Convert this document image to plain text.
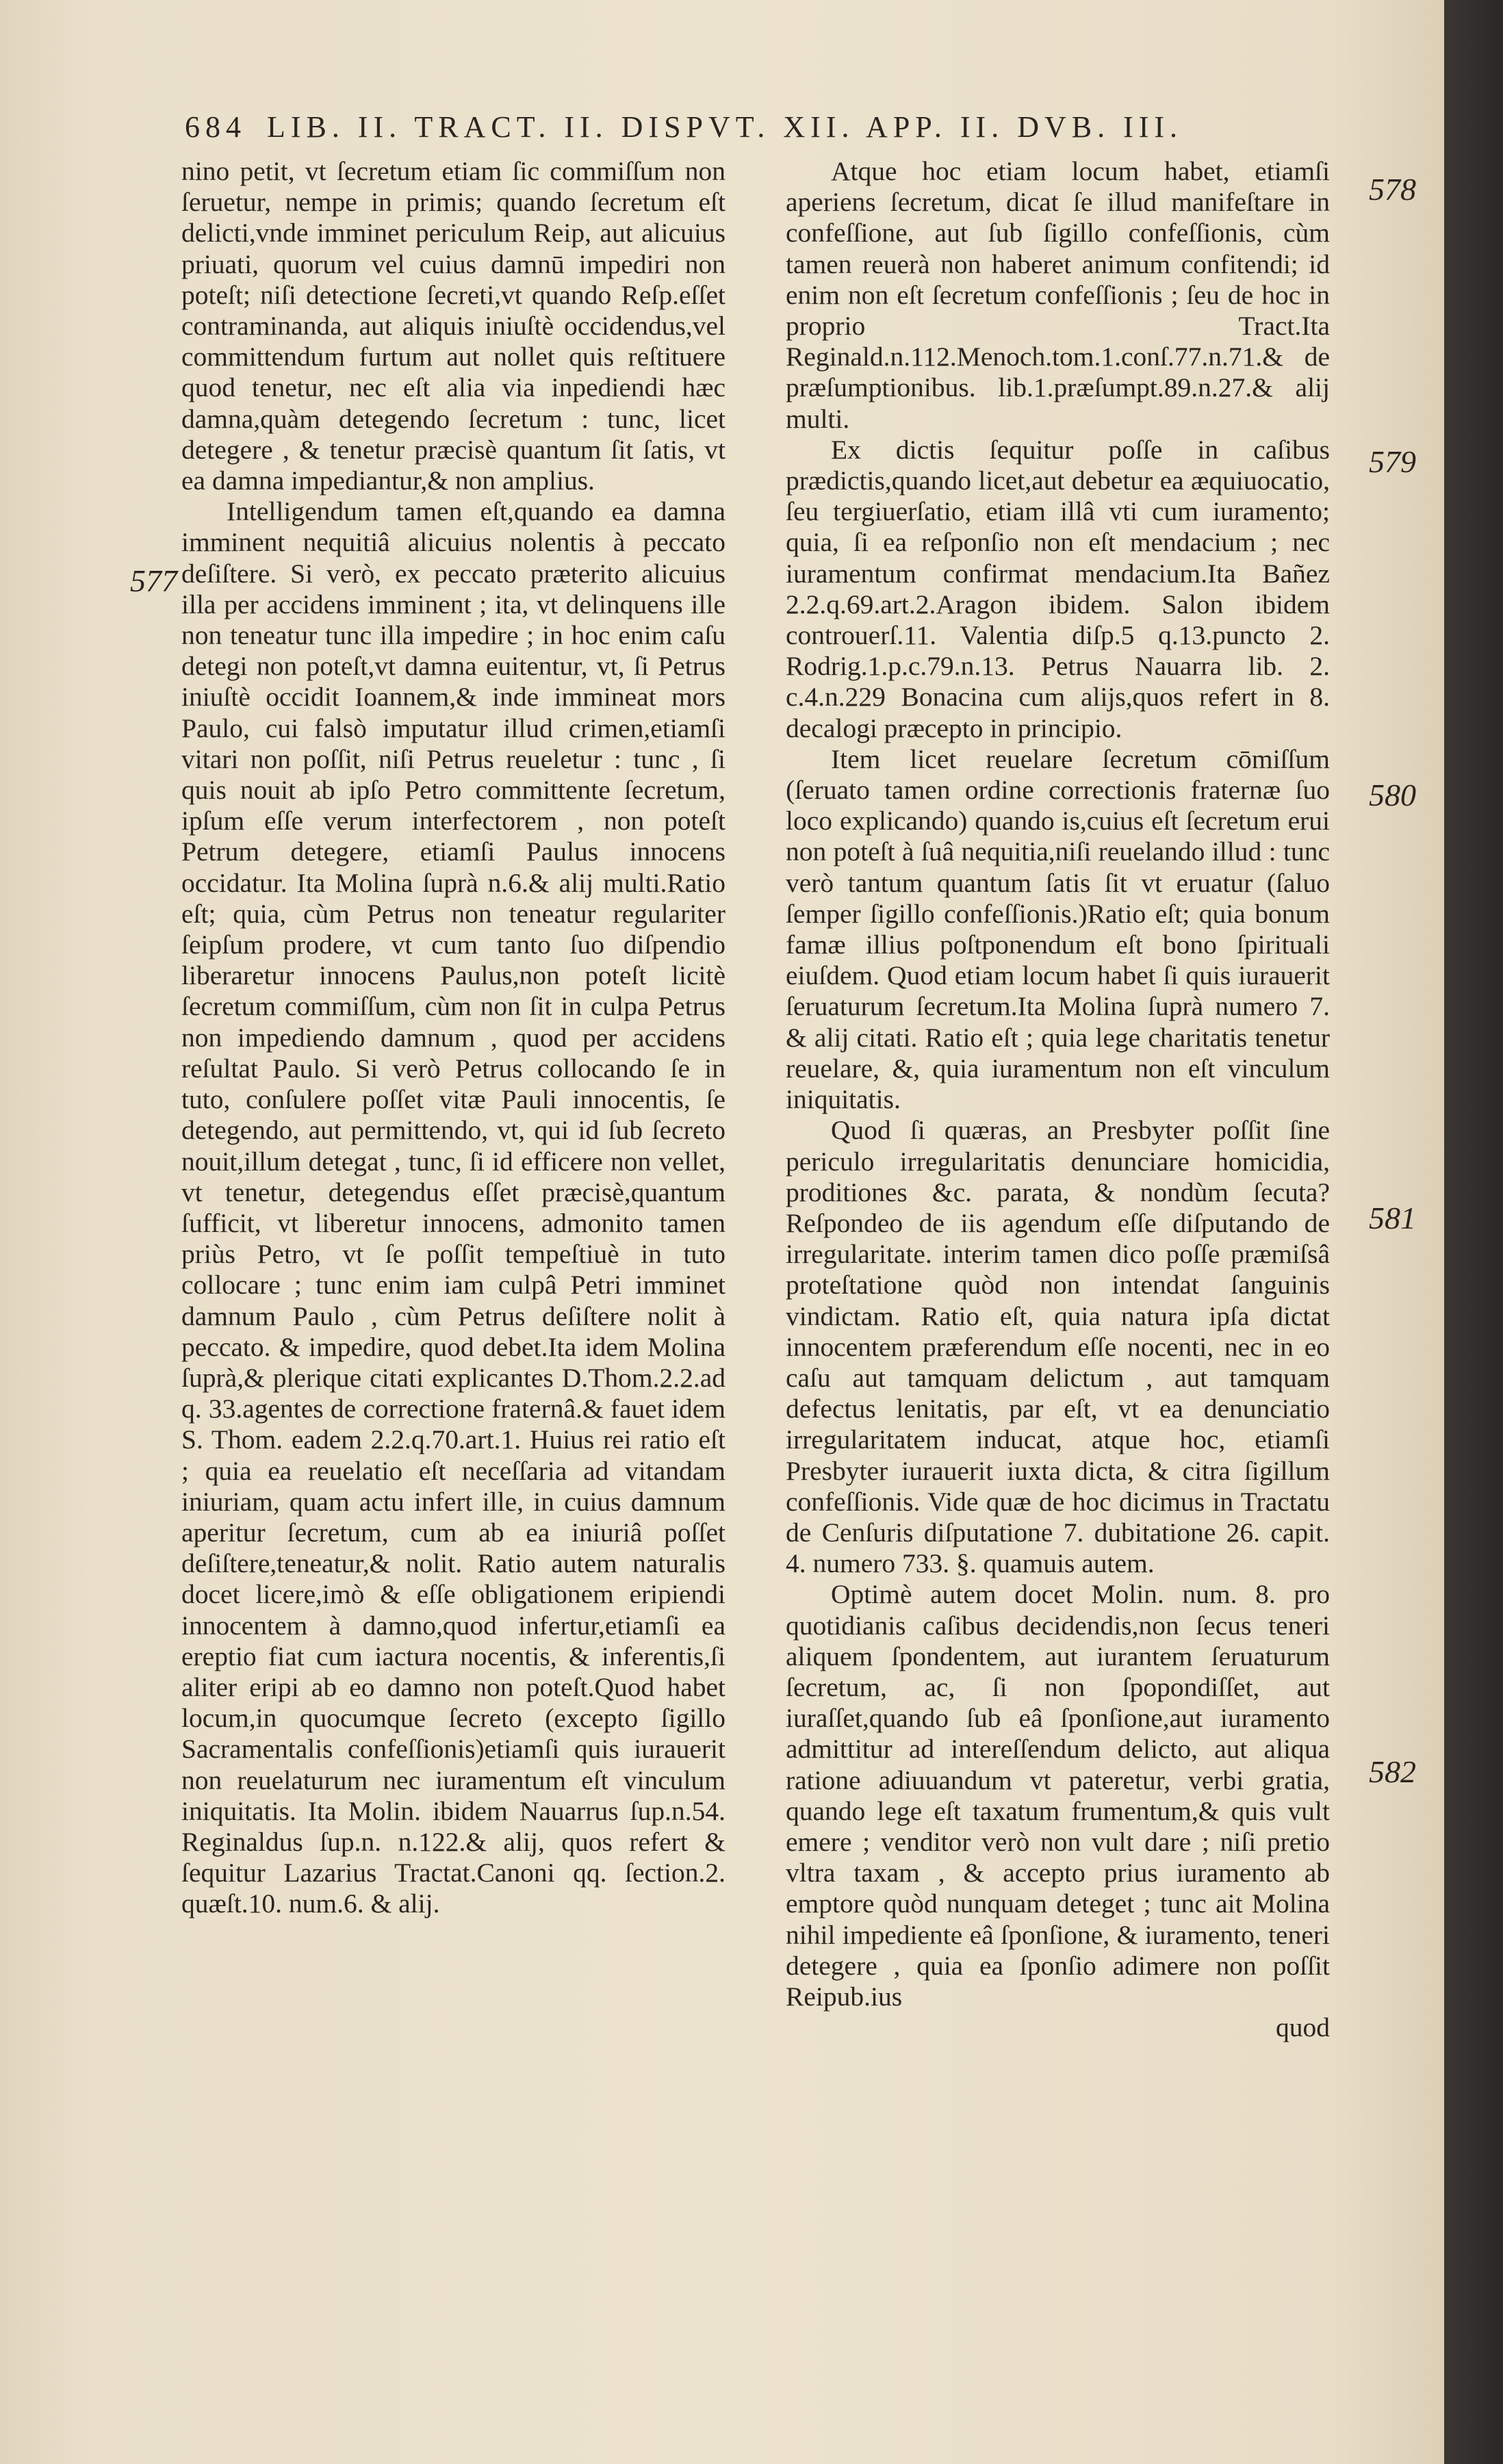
684 LIB. II. TRACT. II. DISPVT. XII. APP. II. DVB. III.

nino petit, vt ſecretum etiam ſic commiſſum non ſeruetur, nempe in primis; quando ſecretum eſt delicti,vnde imminet periculum Reip, aut alicuius priuati, quorum vel cuius damnū impediri non poteſt; niſi detectione ſecreti,vt quando Reſp.eſſet contraminanda, aut aliquis iniuſtè occidendus,vel committendum furtum aut nollet quis reſtituere quod tenetur, nec eſt alia via inpediendi hæc damna,quàm detegendo ſecretum : tunc, licet detegere , & tenetur præcisè quantum ſit ſatis, vt ea damna impediantur,& non amplius.

Intelligendum tamen eſt,quando ea damna imminent nequitiâ alicuius nolentis à peccato deſiſtere. Si verò, ex peccato præterito alicuius illa per accidens imminent ; ita, vt delinquens ille non teneatur tunc illa impedire ; in hoc enim caſu detegi non poteſt,vt damna euitentur, vt, ſi Petrus iniuſtè occidit Ioannem,& inde immineat mors Paulo, cui falsò imputatur illud crimen,etiamſi vitari non poſſit, niſi Petrus reueletur : tunc , ſi quis nouit ab ipſo Petro committente ſecretum, ipſum eſſe verum interfectorem , non poteſt Petrum detegere, etiamſi Paulus innocens occidatur. Ita Molina ſuprà n.6.& alij multi.Ratio eſt; quia, cùm Petrus non teneatur regulariter ſeipſum prodere, vt cum tanto ſuo diſpendio liberaretur innocens Paulus,non poteſt licitè ſecretum commiſſum, cùm non ſit in culpa Petrus non impediendo damnum , quod per accidens reſultat Paulo. Si verò Petrus collocando ſe in tuto, conſulere poſſet vitæ Pauli innocentis, ſe detegendo, aut permittendo, vt, qui id ſub ſecreto nouit,illum detegat , tunc, ſi id efficere non vellet, vt tenetur, detegendus eſſet præcisè,quantum ſufficit, vt liberetur innocens, admonito tamen priùs Petro, vt ſe poſſit tempeſtiuè in tuto collocare ; tunc enim iam culpâ Petri imminet damnum Paulo , cùm Petrus deſiſtere nolit à peccato. & impedire, quod debet.Ita idem Molina ſuprà,& plerique citati explicantes D.Thom.2.2.ad q. 33.agentes de correctione fraternâ.& fauet idem S. Thom. eadem 2.2.q.70.art.1. Huius rei ratio eſt ; quia ea reuelatio eſt neceſſaria ad vitandam iniuriam, quam actu infert ille, in cuius damnum aperitur ſecretum, cum ab ea iniuriâ poſſet deſiſtere,teneatur,& nolit. Ratio autem naturalis docet licere,imò & eſſe obligationem eripiendi innocentem à damno,quod infertur,etiamſi ea ereptio fiat cum iactura nocentis, & inferentis,ſi aliter eripi ab eo damno non poteſt.Quod habet locum,in quocumque ſecreto (excepto ſigillo Sacramentalis confeſſionis)etiamſi quis iurauerit non reuelaturum nec iuramentum eſt vinculum iniquitatis. Ita Molin. ibidem Nauarrus ſup.n.54. Reginaldus ſup.n. n.122.& alij, quos refert & ſequitur Lazarius Tractat.Canoni qq. ſection.2. quæſt.10. num.6. & alij.

Atque hoc etiam locum habet, etiamſi aperiens ſecretum, dicat ſe illud manifeſtare in confeſſione, aut ſub ſigillo confeſſionis, cùm tamen reuerà non haberet animum confitendi; id enim non eſt ſecretum confeſſionis ; ſeu de hoc in proprio Tract.Ita Reginald.n.112.Menoch.tom.1.conſ.77.n.71.& de præſumptionibus. lib.1.præſumpt.89.n.27.& alij multi.

Ex dictis ſequitur poſſe in caſibus prædictis,quando licet,aut debetur ea æquiuocatio, ſeu tergiuerſatio, etiam illâ vti cum iuramento; quia, ſi ea reſponſio non eſt mendacium ; nec iuramentum confirmat mendacium.Ita Bañez 2.2.q.69.art.2.Aragon ibidem. Salon ibidem controuerſ.11. Valentia diſp.5 q.13.puncto 2. Rodrig.1.p.c.79.n.13. Petrus Nauarra lib. 2. c.4.n.229 Bonacina cum alijs,quos refert in 8. decalogi præcepto in principio.

Item licet reuelare ſecretum cōmiſſum (ſeruato tamen ordine correctionis fraternæ ſuo loco explicando) quando is,cuius eſt ſecretum erui non poteſt à ſuâ nequitia,niſi reuelando illud : tunc verò tantum quantum ſatis ſit vt eruatur (ſaluo ſemper ſigillo confeſſionis.)Ratio eſt; quia bonum famæ illius poſtponendum eſt bono ſpirituali eiuſdem. Quod etiam locum habet ſi quis iurauerit ſeruaturum ſecretum.Ita Molina ſuprà numero 7. & alij citati. Ratio eſt ; quia lege charitatis tenetur reuelare, &, quia iuramentum non eſt vinculum iniquitatis.

Quod ſi quæras, an Presbyter poſſit ſine periculo irregularitatis denunciare homicidia, proditiones &c. parata, & nondùm ſecuta? Reſpondeo de iis agendum eſſe diſputando de irregularitate. interim tamen dico poſſe præmiſsâ proteſtatione quòd non intendat ſanguinis vindictam. Ratio eſt, quia natura ipſa dictat innocentem præferendum eſſe nocenti, nec in eo caſu aut tamquam delictum , aut tamquam defectus lenitatis, par eſt, vt ea denunciatio irregularitatem inducat, atque hoc, etiamſi Presbyter iurauerit iuxta dicta, & citra ſigillum confeſſionis. Vide quæ de hoc dicimus in Tractatu de Cenſuris diſputatione 7. dubitatione 26. capit. 4. numero 733. §. quamuis autem.

Optimè autem docet Molin. num. 8. pro quotidianis caſibus decidendis,non ſecus teneri aliquem ſpondentem, aut iurantem ſeruaturum ſecretum, ac, ſi non ſpopondiſſet, aut iuraſſet,quando ſub eâ ſponſione,aut iuramento admittitur ad intereſſendum delicto, aut aliqua ratione adiuuandum vt pateretur, verbi gratia, quando lege eſt taxatum frumentum,& quis vult emere ; venditor verò non vult dare ; niſi pretio vltra taxam , & accepto prius iuramento ab emptore quòd nunquam deteget ; tunc ait Molina nihil impediente eâ ſponſione, & iuramento, teneri detegere , quia ea ſponſio adimere non poſſit Reipub.ius

quod
577
578
579
580
581
582
